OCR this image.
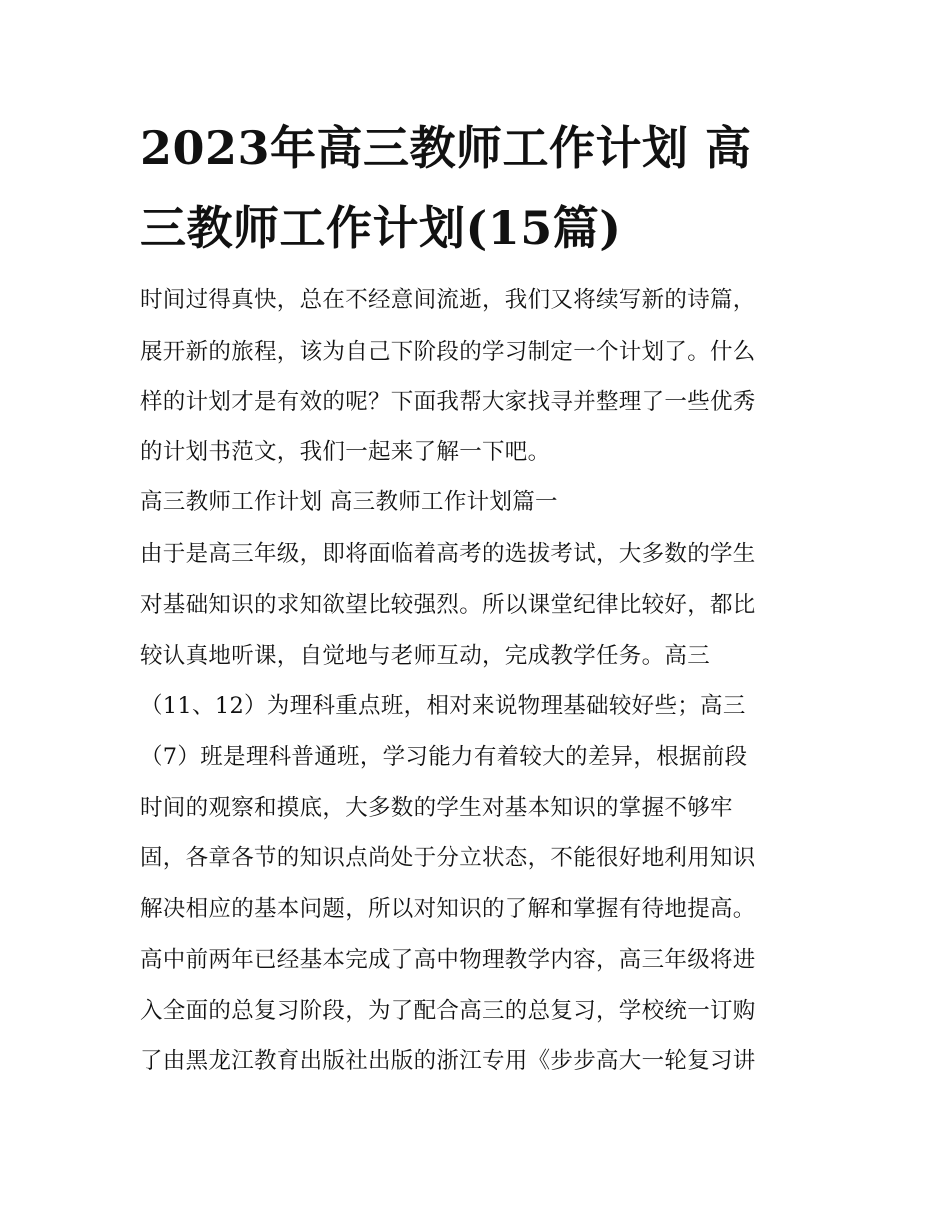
2023年高三教师工作计划 高
三教师工作计划(15篇)
时间过得真快，总在不经意间流逝，我们又将续写新的诗篇，
展开新的旅程，该为自己下阶段的学习制定一个计划了。什么
样的计划才是有效的呢？下面我帮大家找寻并整理了一些优秀
的计划书范文，我们一起来了解一下吧。
高三教师工作计划 高三教师工作计划篇一
由于是高三年级，即将面临着高考的选拔考试，大多数的学生
对基础知识的求知欲望比较强烈。所以课堂纪律比较好，都比
较认真地听课，自觉地与老师互动，完成教学任务。高三
（11、12）为理科重点班，相对来说物理基础较好些；高三
（7）班是理科普通班，学习能力有着较大的差异，根据前段
时间的观察和摸底，大多数的学生对基本知识的掌握不够牢
固，各章各节的知识点尚处于分立状态，不能很好地利用知识
解决相应的基本问题，所以对知识的了解和掌握有待地提高。
高中前两年已经基本完成了高中物理教学内容，高三年级将进
入全面的总复习阶段，为了配合高三的总复习，学校统一订购
了由黑龙江教育出版社出版的浙江专用《步步高大一轮复习讲
